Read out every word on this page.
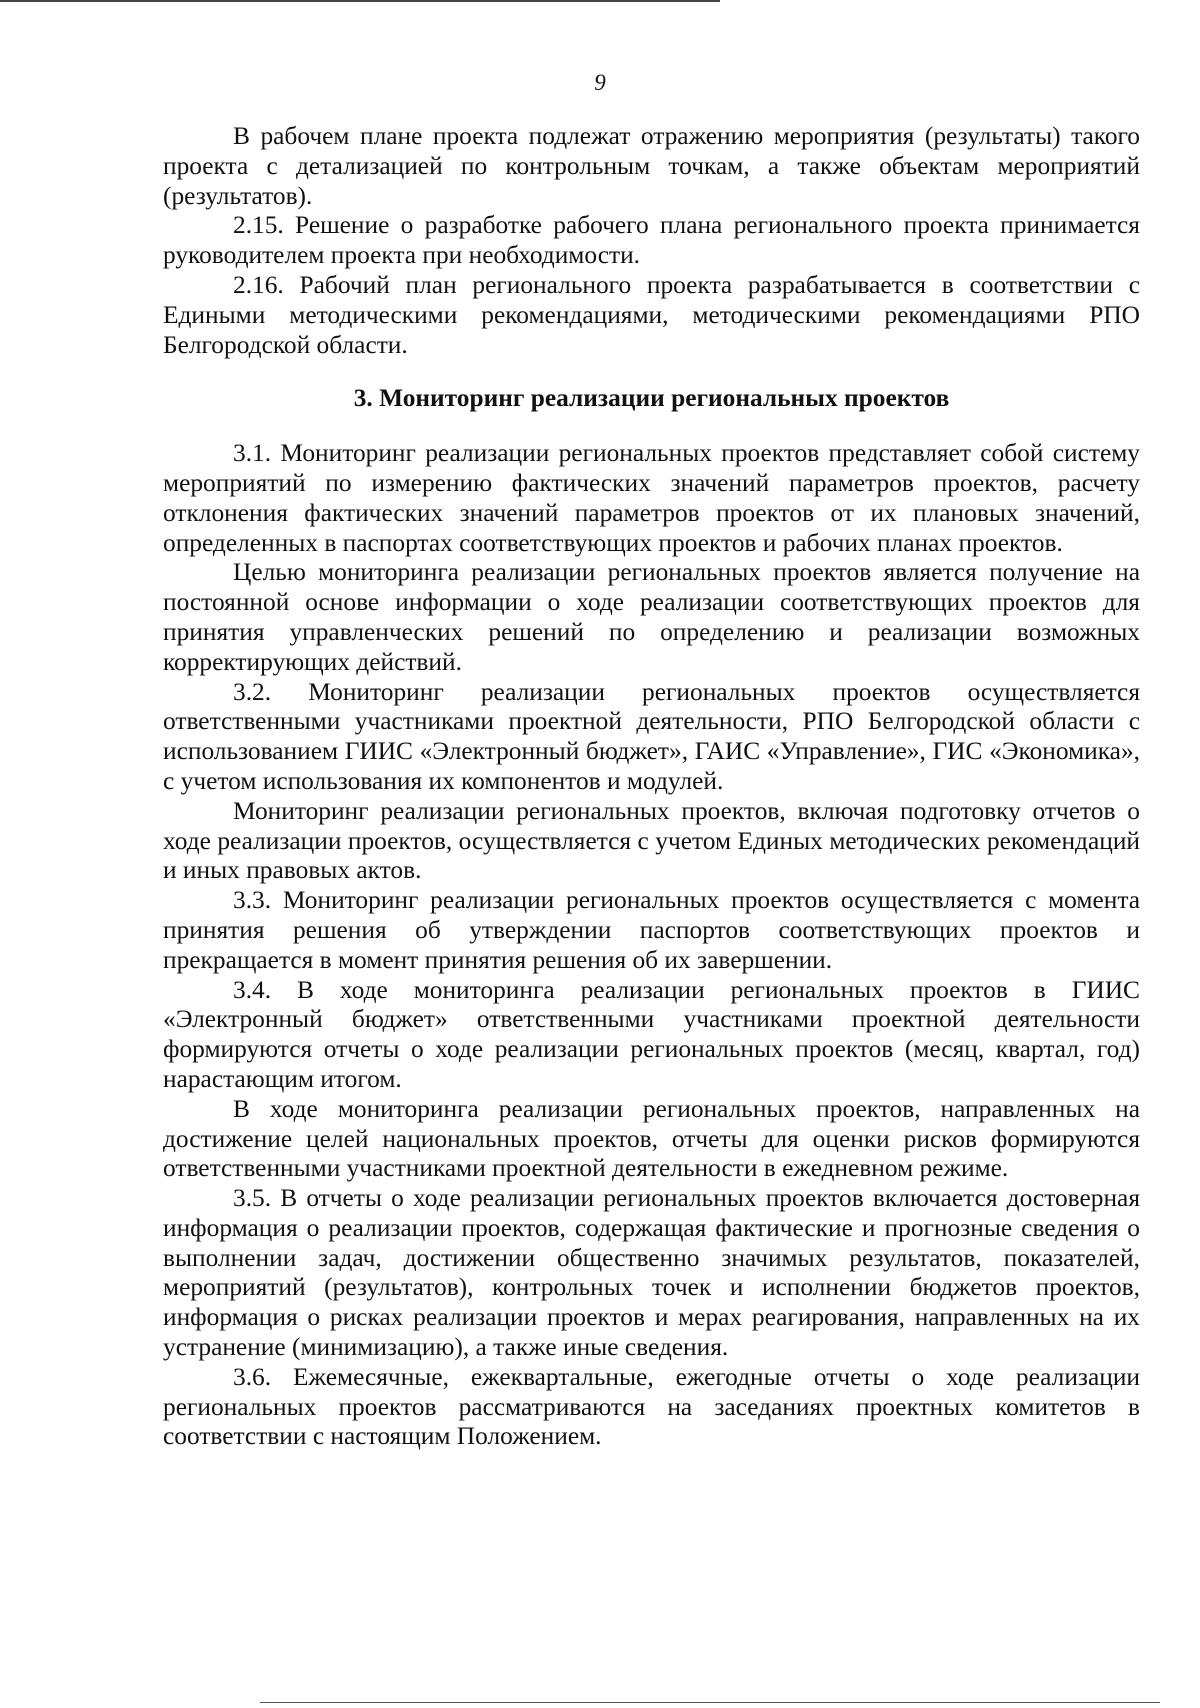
9

В рабочем плане проекта подлежат отражению мероприятия (результаты) такого проекта с детализацией по контрольным точкам, а также объектам мероприятий (результатов).

2.15. Решение о разработке рабочего плана регионального проекта принимается руководителем проекта при необходимости.

2.16. Рабочий план регионального проекта разрабатывается в соответствии с Едиными методическими рекомендациями, методическими рекомендациями РПО Белгородской области.

3. Мониторинг реализации региональных проектов

3.1. Мониторинг реализации региональных проектов представляет собой систему мероприятий по измерению фактических значений параметров проектов, расчету отклонения фактических значений параметров проектов от их плановых значений, определенных в паспортах соответствующих проектов и рабочих планах проектов.

Целью мониторинга реализации региональных проектов является получение на постоянной основе информации о ходе реализации соответствующих проектов для принятия управленческих решений по определению и реализации возможных корректирующих действий.

3.2. Мониторинг реализации региональных проектов осуществляется ответственными участниками проектной деятельности, РПО Белгородской области с использованием ГИИС «Электронный бюджет», ГАИС «Управление», ГИС «Экономика», с учетом использования их компонентов и модулей.

Мониторинг реализации региональных проектов, включая подготовку отчетов о ходе реализации проектов, осуществляется с учетом Единых методических рекомендаций и иных правовых актов.

3.3. Мониторинг реализации региональных проектов осуществляется с момента принятия решения об утверждении паспортов соответствующих проектов и прекращается в момент принятия решения об их завершении.

3.4. В ходе мониторинга реализации региональных проектов в ГИИС «Электронный бюджет» ответственными участниками проектной деятельности формируются отчеты о ходе реализации региональных проектов (месяц, квартал, год) нарастающим итогом.

В ходе мониторинга реализации региональных проектов, направленных на достижение целей национальных проектов, отчеты для оценки рисков формируются ответственными участниками проектной деятельности в ежедневном режиме.

3.5. В отчеты о ходе реализации региональных проектов включается достоверная информация о реализации проектов, содержащая фактические и прогнозные сведения о выполнении задач, достижении общественно значимых результатов, показателей, мероприятий (результатов), контрольных точек и исполнении бюджетов проектов, информация о рисках реализации проектов и мерах реагирования, направленных на их устранение (минимизацию), а также иные сведения.

3.6. Ежемесячные, ежеквартальные, ежегодные отчеты о ходе реализации региональных проектов рассматриваются на заседаниях проектных комитетов в соответствии с настоящим Положением.
